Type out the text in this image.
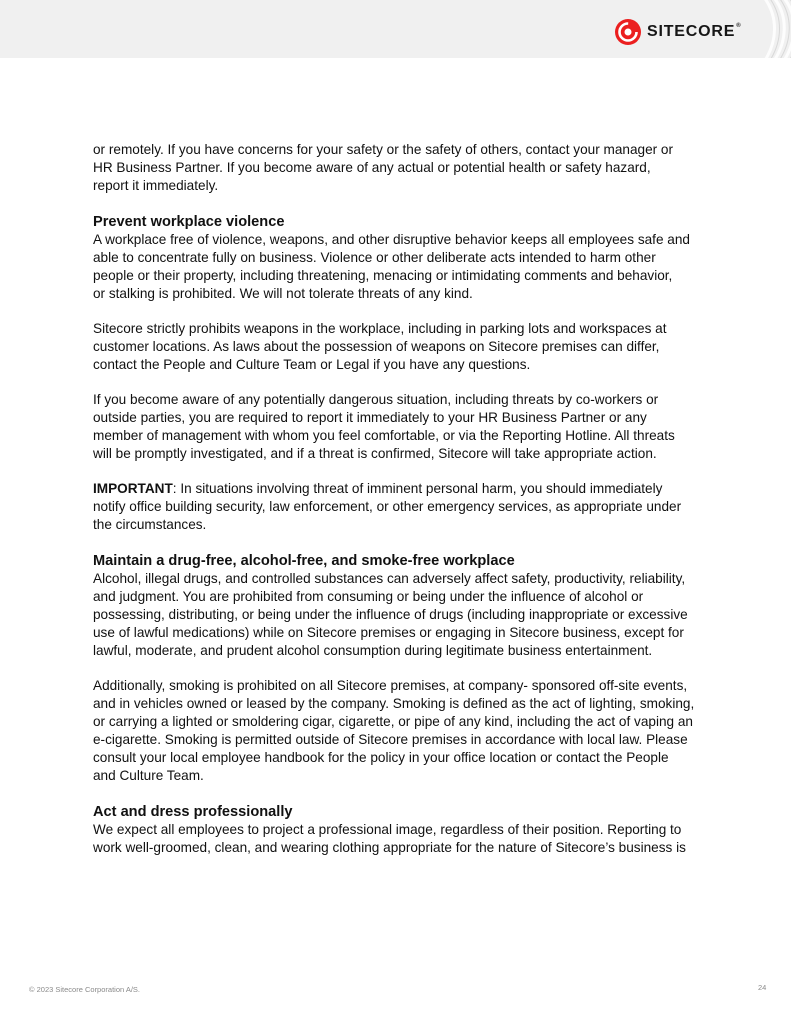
SITECORE®

or remotely. If you have concerns for your safety or the safety of others, contact your manager or
HR Business Partner. If you become aware of any actual or potential health or safety hazard,
report it immediately.

Prevent workplace violence

A workplace free of violence, weapons, and other disruptive behavior keeps all employees safe and
able to concentrate fully on business. Violence or other deliberate acts intended to harm other
people or their property, including threatening, menacing or intimidating comments and behavior,
or stalking is prohibited. We will not tolerate threats of any kind.

Sitecore strictly prohibits weapons in the workplace, including in parking lots and workspaces at
customer locations. As laws about the possession of weapons on Sitecore premises can differ,
contact the People and Culture Team or Legal if you have any questions.

If you become aware of any potentially dangerous situation, including threats by co-workers or
outside parties, you are required to report it immediately to your HR Business Partner or any
member of management with whom you feel comfortable, or via the Reporting Hotline. All threats
will be promptly investigated, and if a threat is confirmed, Sitecore will take appropriate action.

IMPORTANT: In situations involving threat of imminent personal harm, you should immediately
notify office building security, law enforcement, or other emergency services, as appropriate under
the circumstances.

Maintain a drug-free, alcohol-free, and smoke-free workplace

Alcohol, illegal drugs, and controlled substances can adversely affect safety, productivity, reliability,
and judgment. You are prohibited from consuming or being under the influence of alcohol or
possessing, distributing, or being under the influence of drugs (including inappropriate or excessive
use of lawful medications) while on Sitecore premises or engaging in Sitecore business, except for
lawful, moderate, and prudent alcohol consumption during legitimate business entertainment.

Additionally, smoking is prohibited on all Sitecore premises, at company- sponsored off-site events,
and in vehicles owned or leased by the company. Smoking is defined as the act of lighting, smoking,
or carrying a lighted or smoldering cigar, cigarette, or pipe of any kind, including the act of vaping an
e-cigarette. Smoking is permitted outside of Sitecore premises in accordance with local law. Please
consult your local employee handbook for the policy in your office location or contact the People
and Culture Team.

Act and dress professionally

We expect all employees to project a professional image, regardless of their position. Reporting to
work well-groomed, clean, and wearing clothing appropriate for the nature of Sitecore’s business is

© 2023 Sitecore Corporation A/S.	24
